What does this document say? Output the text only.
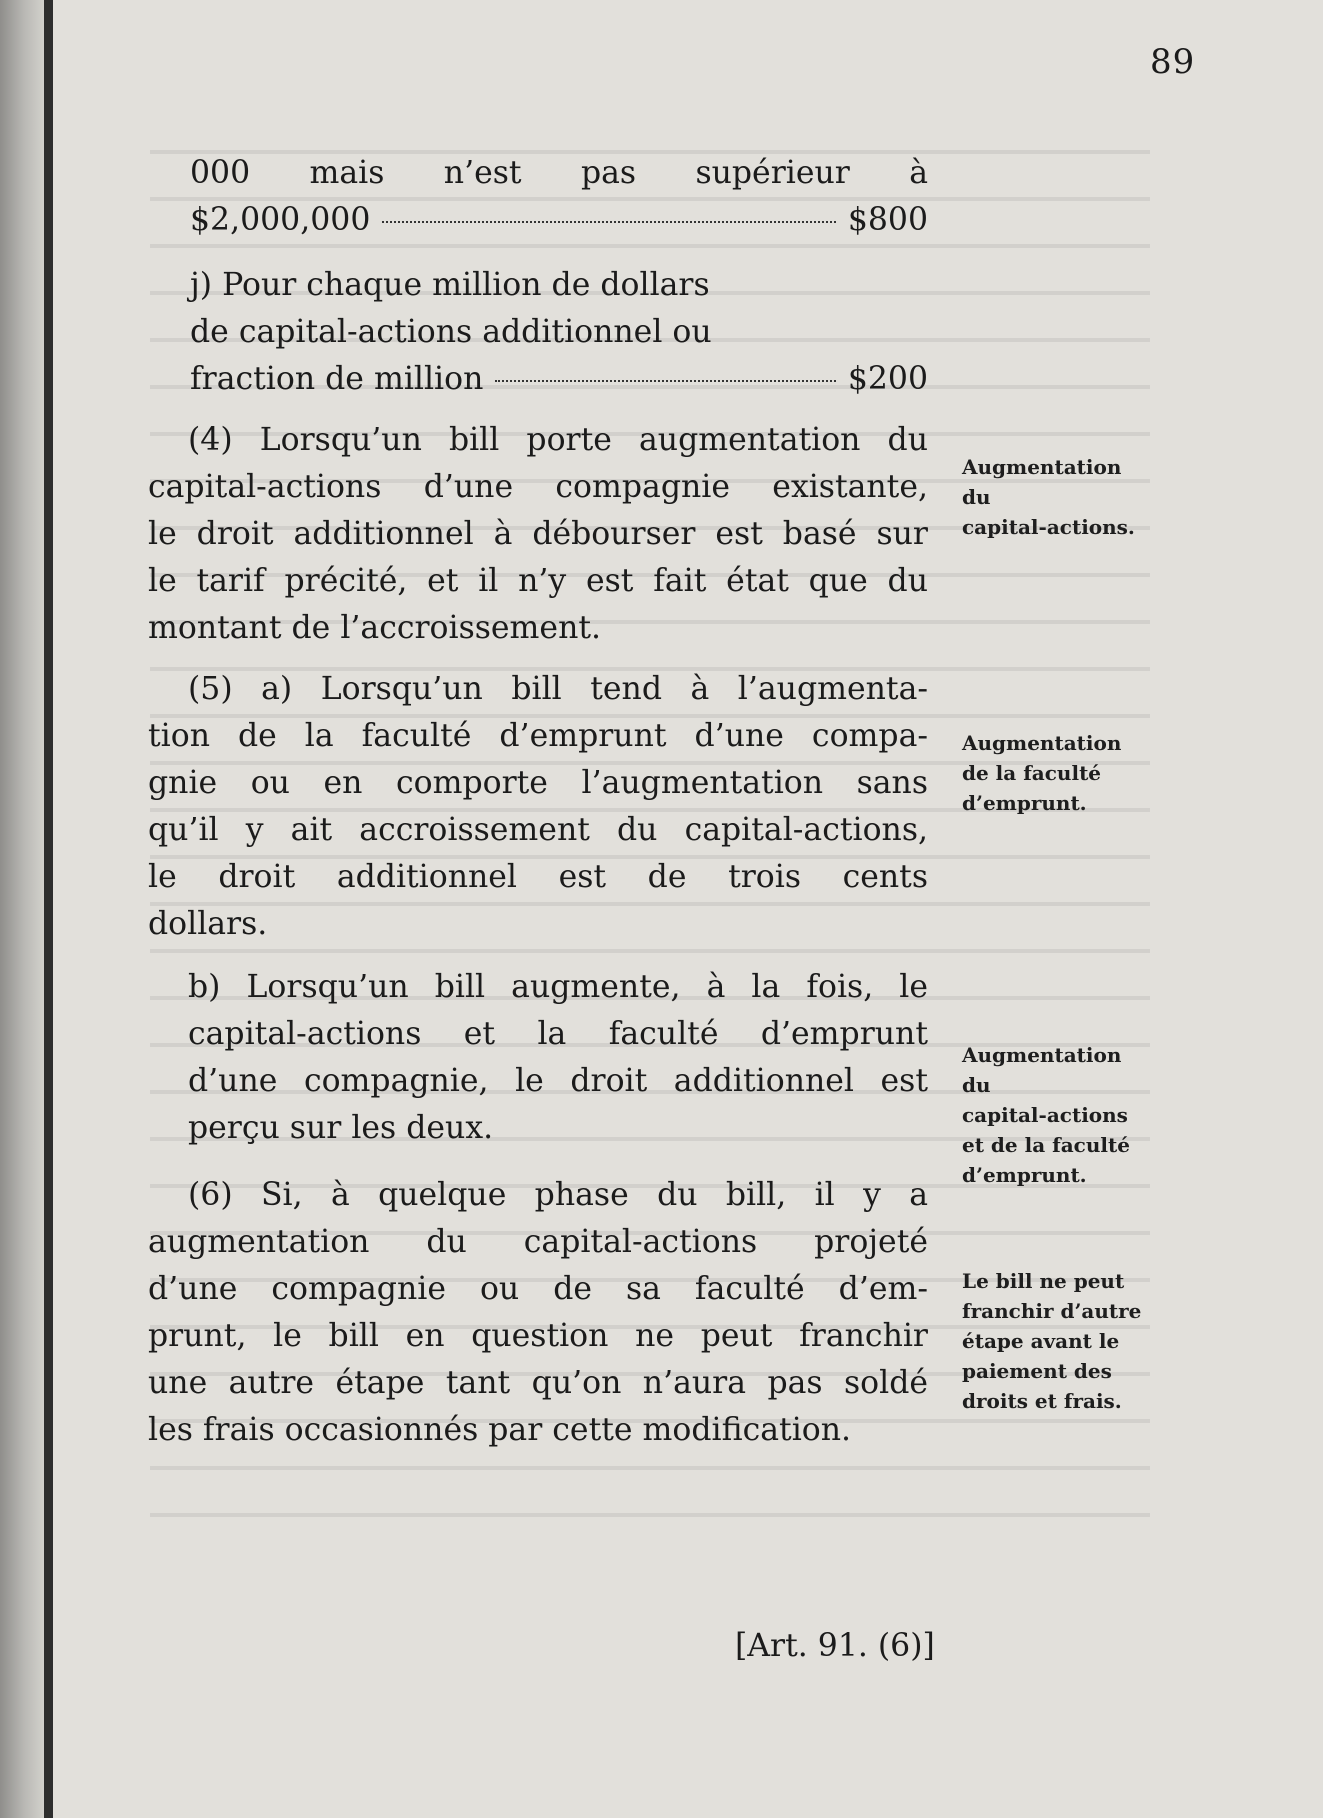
89
000 mais n’est pas supérieur à
$2,000,000	$800
j) Pour chaque million de dollars
de capital-actions additionnel ou
fraction de million	$200
(4) Lorsqu’un bill porte augmentation du
capital-actions d’une compagnie existante,
le droit additionnel à débourser est basé sur
le tarif précité, et il n’y est fait état que du
montant de l’accroissement.
(5) a) Lorsqu’un bill tend à l’augmenta-
tion de la faculté d’emprunt d’une compa-
gnie ou en comporte l’augmentation sans
qu’il y ait accroissement du capital-actions,
le droit additionnel est de trois cents
dollars.
b) Lorsqu’un bill augmente, à la fois, le
capital-actions et la faculté d’emprunt
d’une compagnie, le droit additionnel est
perçu sur les deux.
(6) Si, à quelque phase du bill, il y a
augmentation du capital-actions projeté
d’une compagnie ou de sa faculté d’em-
prunt, le bill en question ne peut franchir
une autre étape tant qu’on n’aura pas soldé
les frais occasionnés par cette modification.
Augmentation
du
capital-actions.
Augmentation
de la faculté
d’emprunt.
Augmentation
du
capital-actions
et de la faculté
d’emprunt.
Le bill ne peut
franchir d’autre
étape avant le
paiement des
droits et frais.
[Art. 91. (6)]
